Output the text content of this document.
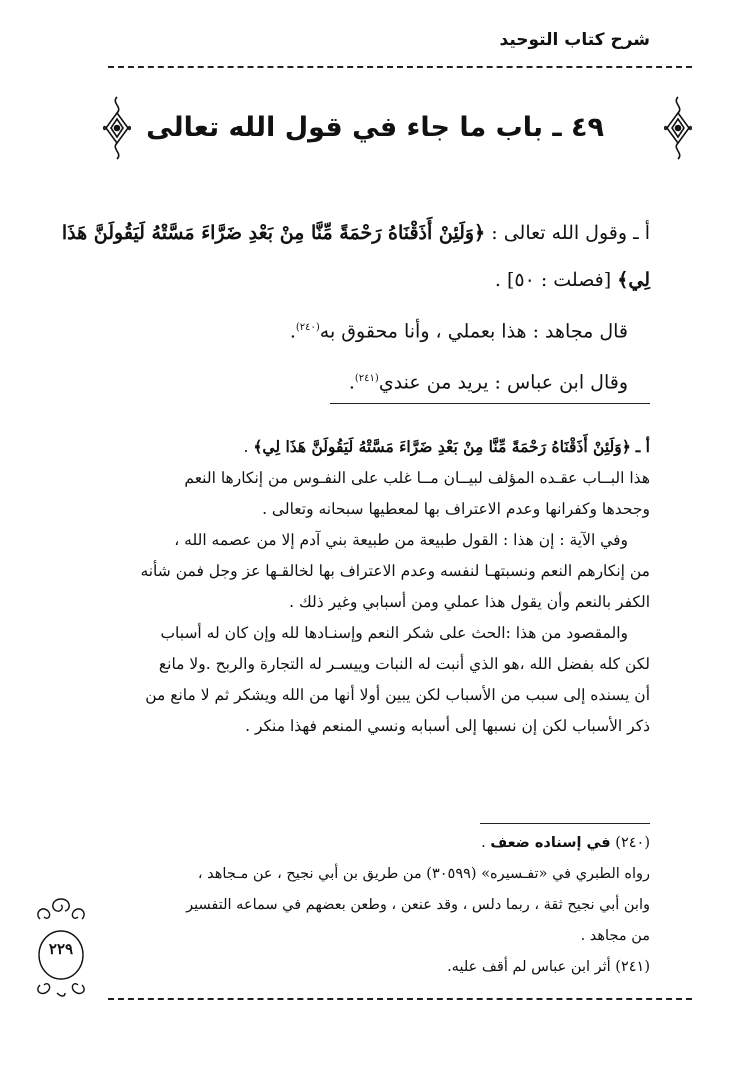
شرح كتاب التوحيد
٤٩ ـ باب ما جاء في قول الله تعالى
أ ـ وقول الله تعالى : ﴿وَلَئِنْ أَذَقْنَاهُ رَحْمَةً مِّنَّا مِنْ بَعْدِ ضَرَّاءَ مَسَّتْهُ لَيَقُولَنَّ هَذَا
لِي﴾ [فصلت : ٥٠] .
قال مجاهد : هذا بعملي ، وأنا محقوق به$^{(٢٤٠)}$.
وقال ابن عباس : يريد من عندي$^{(٢٤١)}$.
أ ـ ﴿وَلَئِنْ أَذَقْنَاهُ رَحْمَةً مِّنَّا مِنْ بَعْدِ ضَرَّاءَ مَسَّتْهُ لَيَقُولَنَّ هَذَا لِي﴾ .
هذا البــاب عقـده المؤلف لبيــان مــا غلب على النفـوس من إنكارها النعم
وجحدها وكفرانها وعدم الاعتراف بها لمعطيها سبحانه وتعالى .
وفي الآية : إن هذا : القول طبيعة من طبيعة بني آدم إلا من عصمه الله ،
من إنكارهم النعم ونسبتهـا لنفسه وعدم الاعتراف بها لخالقـها عز وجل فمن شأنه
الكفر بالنعم وأن يقول هذا عملي ومن أسبابي وغير ذلك .
والمقصود من هذا :الحث على شكر النعم وإسنـادها لله وإن كان له أسباب
لكن كله بفضل الله ،هو الذي أنبت له النبات وييسـر له التجارة والربح .ولا مانع
أن يسنده إلى سبب من الأسباب لكن يبين أولا أنها من الله ويشكر ثم لا مانع من
ذكر الأسباب لكن إن نسبها إلى أسبابه ونسي المنعم فهذا منكر .
(٢٤٠) في إسناده ضعف .
رواه الطبري في «تفـسيره» (٣٠٥٩٩) من طريق بن أبي نجيح ، عن مـجاهد ،
وابن أبي نجيح ثقة ، ربما دلس ، وقد عنعن ، وطعن بعضهم في سماعه التفسير
من مجاهد .
(٢٤١) أثر ابن عباس لم أقف عليه.
٢٢٩
